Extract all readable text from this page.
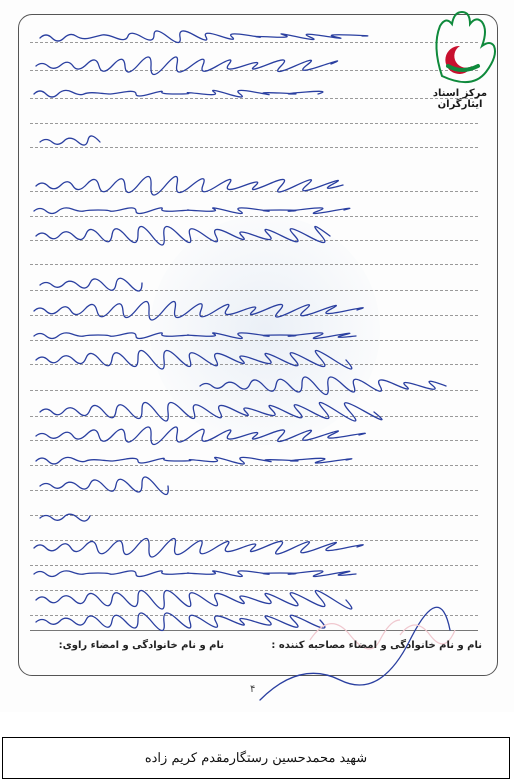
مرکز اسناد ایثارگران
نام و نام خانوادگی و امضاء مصاحبه کننده :
نام و نام خانوادگی و امضاء راوی:
۴
شهید محمدحسین رستگارمقدم کریم زاده
